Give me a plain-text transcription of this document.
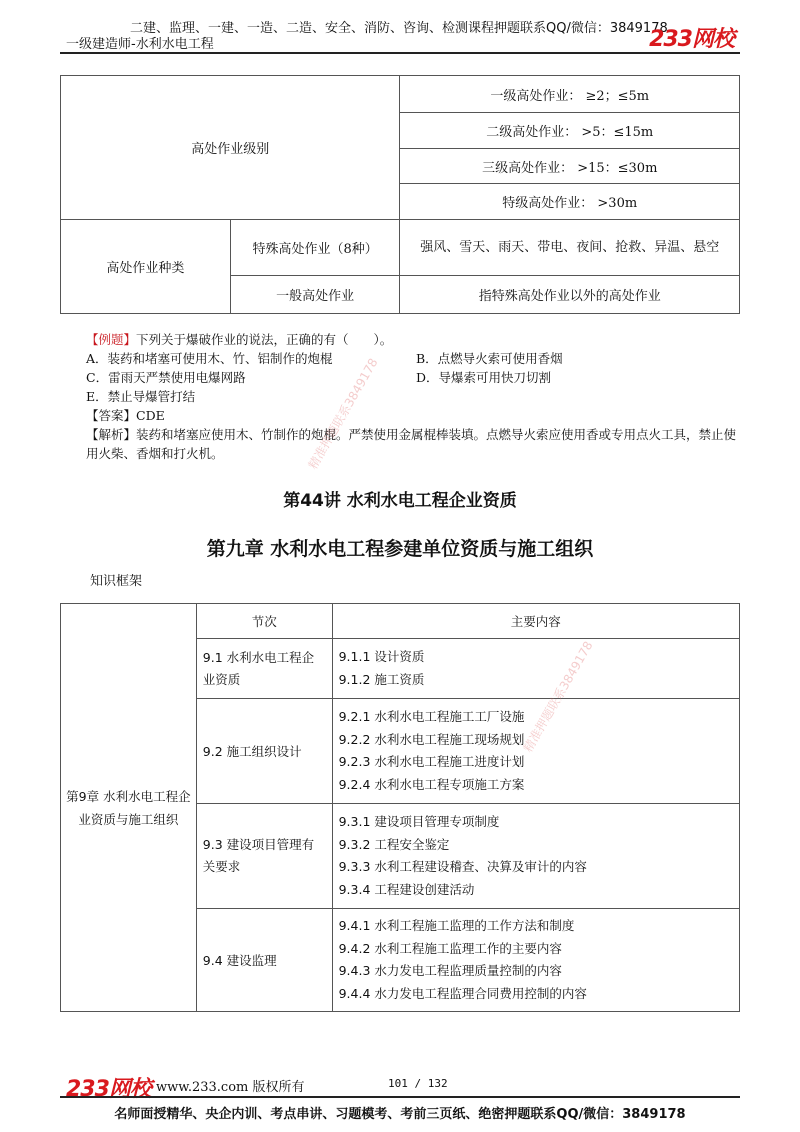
二建、监理、一建、一造、二造、安全、消防、咨询、检测课程押题联系QQ/微信：3849178
一级建造师-水利水电工程	233网校
高处作业级别		一级高处作业： ≥2；≤5m
		二级高处作业： >5：≤15m
		三级高处作业： >15：≤30m
		特级高处作业： >30m
高处作业种类	特殊高处作业（8种）	强风、雪天、雨天、带电、夜间、抢救、异温、悬空
	一般高处作业	指特殊高处作业以外的高处作业
【例题】下列关于爆破作业的说法，正确的有（　　）。
A．装药和堵塞可使用木、竹、铝制作的炮棍	B．点燃导火索可使用香烟
C．雷雨天严禁使用电爆网路	D．导爆索可用快刀切割
E．禁止导爆管打结
【答案】CDE
【解析】装药和堵塞应使用木、竹制作的炮棍。严禁使用金属棍棒装填。点燃导火索应使用香或专用点火工具，禁止使用火柴、香烟和打火机。
第44讲 水利水电工程企业资质
第九章 水利水电工程参建单位资质与施工组织
知识框架
第9章 水利水电工程企业资质与施工组织	节次	主要内容
	9.1 水利水电工程企业资质	9.1.1 设计资质
9.1.2 施工资质

	9.2 施工组织设计	9.2.1 水利水电工程施工工厂设施
9.2.2 水利水电工程施工现场规划
9.2.3 水利水电工程施工进度计划
9.2.4 水利水电工程专项施工方案

	9.3 建设项目管理有关要求	9.3.1 建设项目管理专项制度
9.3.2 工程安全鉴定
9.3.3 水利工程建设稽查、决算及审计的内容
9.3.4 工程建设创建活动

	9.4 建设监理	9.4.1 水利工程施工监理的工作方法和制度
9.4.2 水利工程施工监理工作的主要内容
9.4.3 水力发电工程监理质量控制的内容
9.4.4 水力发电工程监理合同费用控制的内容
精准押题联系3849178
精准押题联系3849178
233网校 www.233.com 版权所有	101 / 132
名师面授精华、央企内训、考点串讲、习题模考、考前三页纸、绝密押题联系QQ/微信：3849178
